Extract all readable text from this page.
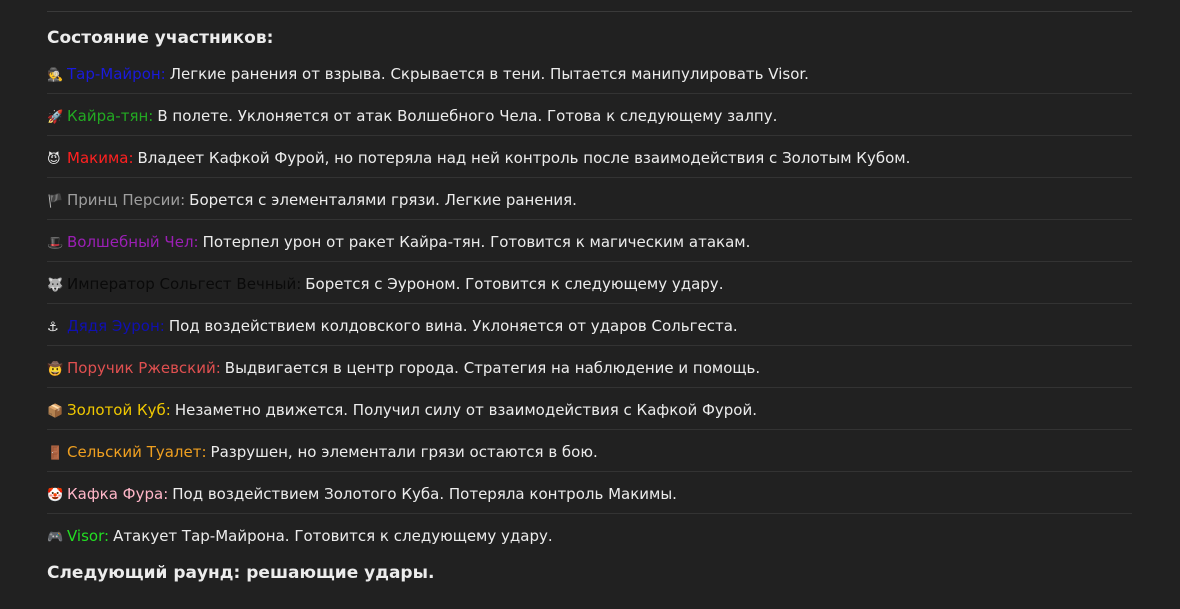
Состояние участников:
🕵 Тар-Майрон: Легкие ранения от взрыва. Скрывается в тени. Пытается манипулировать Visor.
🚀 Кайра-тян: В полете. Уклоняется от атак Волшебного Чела. Готова к следующему залпу.
😈 Макима: Владеет Кафкой Фурой, но потеряла над ней контроль после взаимодействия с Золотым Кубом.
🏴 Принц Персии: Борется с элементалями грязи. Легкие ранения.
🎩 Волшебный Чел: Потерпел урон от ракет Кайра-тян. Готовится к магическим атакам.
🐺 Император Сольгест Вечный: Борется с Эуроном. Готовится к следующему удару.
⚓ Дядя Эурон: Под воздействием колдовского вина. Уклоняется от ударов Сольгеста.
🤠 Поручик Ржевский: Выдвигается в центр города. Стратегия на наблюдение и помощь.
📦 Золотой Куб: Незаметно движется. Получил силу от взаимодействия с Кафкой Фурой.
🚪 Сельский Туалет: Разрушен, но элементали грязи остаются в бою.
🤡 Кафка Фура: Под воздействием Золотого Куба. Потеряла контроль Макимы.
🎮 Visor: Атакует Тар-Майрона. Готовится к следующему удару.
Следующий раунд: решающие удары.
